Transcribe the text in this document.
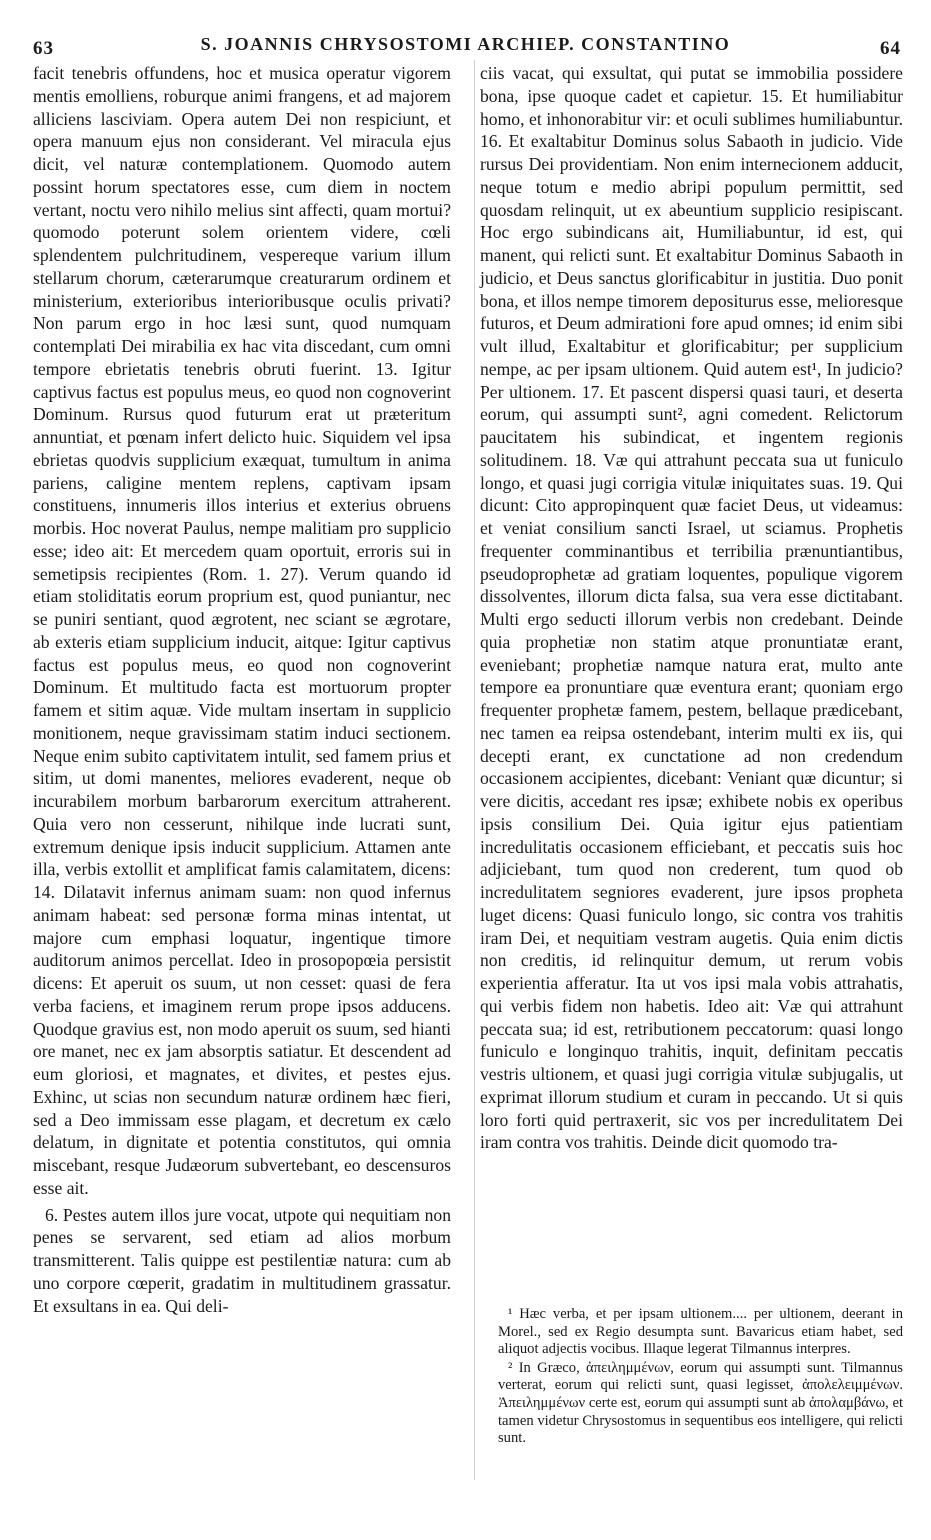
63	S. JOANNIS CHRYSOSTOMI ARCHIEP. CONSTANTINO	64

facit tenebris offundens, hoc et musica operatur vigorem mentis emolliens, roburque animi frangens, et ad majorem alliciens lasciviam. Opera autem Dei non respiciunt, et opera manuum ejus non considerant. Vel miracula ejus dicit, vel naturæ contemplationem. Quomodo autem possint horum spectatores esse, cum diem in noctem vertant, noctu vero nihilo melius sint affecti, quam mortui? quomodo poterunt solem orientem videre, cœli splendentem pulchritudinem, vespereque varium illum stellarum chorum, cæterarumque creaturarum ordinem et ministerium, exterioribus interioribusque oculis privati? Non parum ergo in hoc læsi sunt, quod numquam contemplati Dei mirabilia ex hac vita discedant, cum omni tempore ebrietatis tenebris obruti fuerint. 13. Igitur captivus factus est populus meus, eo quod non cognoverint Dominum. Rursus quod futurum erat ut præteritum annuntiat, et pœnam infert delicto huic. Siquidem vel ipsa ebrietas quodvis supplicium exæquat, tumultum in anima pariens, caligine mentem replens, captivam ipsam constituens, innumeris illos interius et exterius obruens morbis. Hoc noverat Paulus, nempe malitiam pro supplicio esse; ideo ait: Et mercedem quam oportuit, erroris sui in semetipsis recipientes (Rom. 1. 27). Verum quando id etiam stoliditatis eorum proprium est, quod puniantur, nec se puniri sentiant, quod ægrotent, nec sciant se ægrotare, ab exteris etiam supplicium inducit, aitque: Igitur captivus factus est populus meus, eo quod non cognoverint Dominum. Et multitudo facta est mortuorum propter famem et sitim aquæ. Vide multam insertam in supplicio monitionem, neque gravissimam statim induci sectionem. Neque enim subito captivitatem intulit, sed famem prius et sitim, ut domi manentes, meliores evaderent, neque ob incurabilem morbum barbarorum exercitum attraherent. Quia vero non cesserunt, nihilque inde lucrati sunt, extremum denique ipsis inducit supplicium. Attamen ante illa, verbis extollit et amplificat famis calamitatem, dicens: 14. Dilatavit infernus animam suam: non quod infernus animam habeat: sed personæ forma minas intentat, ut majore cum emphasi loquatur, ingentique timore auditorum animos percellat. Ideo in prosopopœia persistit dicens: Et aperuit os suum, ut non cesset: quasi de fera verba faciens, et imaginem rerum prope ipsos adducens. Quodque gravius est, non modo aperuit os suum, sed hianti ore manet, nec ex jam absorptis satiatur. Et descendent ad eum gloriosi, et magnates, et divites, et pestes ejus. Exhinc, ut scias non secundum naturæ ordinem hæc fieri, sed a Deo immissam esse plagam, et decretum ex cælo delatum, in dignitate et potentia constitutos, qui omnia miscebant, resque Judæorum subvertebant, eo descensuros esse ait.

6. Pestes autem illos jure vocat, utpote qui nequitiam non penes se servarent, sed etiam ad alios morbum transmitterent. Talis quippe est pestilentiæ natura: cum ab uno corpore cœperit, gradatim in multitudinem grassatur. Et exsultans in ea. Qui deli-

ciis vacat, qui exsultat, qui putat se immobilia possidere bona, ipse quoque cadet et capietur. 15. Et humiliabitur homo, et inhonorabitur vir: et oculi sublimes humiliabuntur. 16. Et exaltabitur Dominus solus Sabaoth in judicio. Vide rursus Dei providentiam. Non enim internecionem adducit, neque totum e medio abripi populum permittit, sed quosdam relinquit, ut ex abeuntium supplicio resipiscant. Hoc ergo subindicans ait, Humiliabuntur, id est, qui manent, qui relicti sunt. Et exaltabitur Dominus Sabaoth in judicio, et Deus sanctus glorificabitur in justitia. Duo ponit bona, et illos nempe timorem depositurus esse, melioresque futuros, et Deum admirationi fore apud omnes; id enim sibi vult illud, Exaltabitur et glorificabitur; per supplicium nempe, ac per ipsam ultionem. Quid autem est¹, In judicio? Per ultionem. 17. Et pascent dispersi quasi tauri, et deserta eorum, qui assumpti sunt², agni comedent. Relictorum paucitatem his subindicat, et ingentem regionis solitudinem. 18. Væ qui attrahunt peccata sua ut funiculo longo, et quasi jugi corrigia vitulæ iniquitates suas. 19. Qui dicunt: Cito appropinquent quæ faciet Deus, ut videamus: et veniat consilium sancti Israel, ut sciamus. Prophetis frequenter comminantibus et terribilia prænuntiantibus, pseudoprophetæ ad gratiam loquentes, populique vigorem dissolventes, illorum dicta falsa, sua vera esse dictitabant. Multi ergo seducti illorum verbis non credebant. Deinde quia prophetiæ non statim atque pronuntiatæ erant, eveniebant; prophetiæ namque natura erat, multo ante tempore ea pronuntiare quæ eventura erant; quoniam ergo frequenter prophetæ famem, pestem, bellaque prædicebant, nec tamen ea reipsa ostendebant, interim multi ex iis, qui decepti erant, ex cunctatione ad non credendum occasionem accipientes, dicebant: Veniant quæ dicuntur; si vere dicitis, accedant res ipsæ; exhibete nobis ex operibus ipsis consilium Dei. Quia igitur ejus patientiam incredulitatis occasionem efficiebant, et peccatis suis hoc adjiciebant, tum quod non crederent, tum quod ob incredulitatem segniores evaderent, jure ipsos propheta luget dicens: Quasi funiculo longo, sic contra vos trahitis iram Dei, et nequitiam vestram augetis. Quia enim dictis non creditis, id relinquitur demum, ut rerum vobis experientia afferatur. Ita ut vos ipsi mala vobis attrahatis, qui verbis fidem non habetis. Ideo ait: Væ qui attrahunt peccata sua; id est, retributionem peccatorum: quasi longo funiculo e longinquo trahitis, inquit, definitam peccatis vestris ultionem, et quasi jugi corrigia vitulæ subjugalis, ut exprimat illorum studium et curam in peccando. Ut si quis loro forti quid pertraxerit, sic vos per incredulitatem Dei iram contra vos trahitis. Deinde dicit quomodo tra-

¹ Hæc verba, et per ipsam ultionem.... per ultionem, deerant in Morel., sed ex Regio desumpta sunt. Bavaricus etiam habet, sed aliquot adjectis vocibus. Illaque legerat Tilmannus interpres.

² In Græco, ἀπειλημμένων, eorum qui assumpti sunt. Tilmannus verterat, eorum qui relicti sunt, quasi legisset, ἀπολελειμμένων. Ἀπειλημμένων certe est, eorum qui assumpti sunt ab ἀπολαμβάνω, et tamen videtur Chrysostomus in sequentibus eos intelligere, qui relicti sunt.
